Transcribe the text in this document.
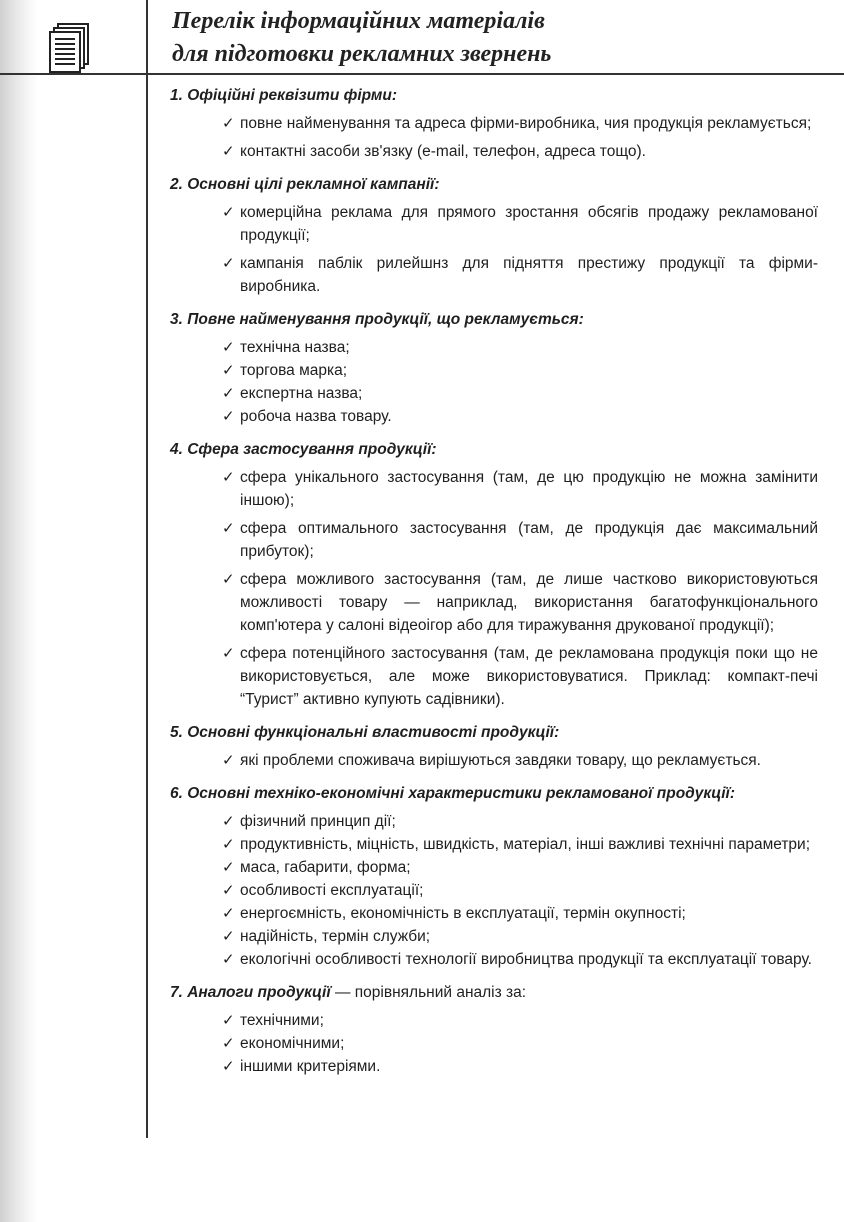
Перелік інформаційних матеріалів
для підготовки рекламних звернень
1. Офіційні реквізити фірми:
✓ повне найменування та адреса фірми-виробника, чия продукція рекламується;
✓ контактні засоби зв'язку (e-mail, телефон, адреса тощо).
2. Основні цілі рекламної кампанії:
✓ комерційна реклама для прямого зростання обсягів продажу рекламованої продукції;
✓ кампанія паблік рилейшнз для підняття престижу продукції та фірми-виробника.
3. Повне найменування продукції, що рекламується:
✓ технічна назва;
✓ торгова марка;
✓ експертна назва;
✓ робоча назва товару.
4. Сфера застосування продукції:
✓ сфера унікального застосування (там, де цю продукцію не можна замінити іншою);
✓ сфера оптимального застосування (там, де продукція дає максимальний прибуток);
✓ сфера можливого застосування (там, де лише частково використовуються можливості товару — наприклад, використання багатофункціонального комп'ютера у салоні відеоігор або для тиражування друкованої продукції);
✓ сфера потенційного застосування (там, де рекламована продукція поки що не використовується, але може використовуватися. Приклад: компакт-печі “Турист” активно купують садівники).
5. Основні функціональні властивості продукції:
✓ які проблеми споживача вирішуються завдяки товару, що рекламується.
6. Основні техніко-економічні характеристики рекламованої продукції:
✓ фізичний принцип дії;
✓ продуктивність, міцність, швидкість, матеріал, інші важливі технічні параметри;
✓ маса, габарити, форма;
✓ особливості експлуатації;
✓ енергоємність, економічність в експлуатації, термін окупності;
✓ надійність, термін служби;
✓ екологічні особливості технології виробництва продукції та експлуатації товару.
7. Аналоги продукції — порівняльний аналіз за:
✓ технічними;
✓ економічними;
✓ іншими критеріями.
